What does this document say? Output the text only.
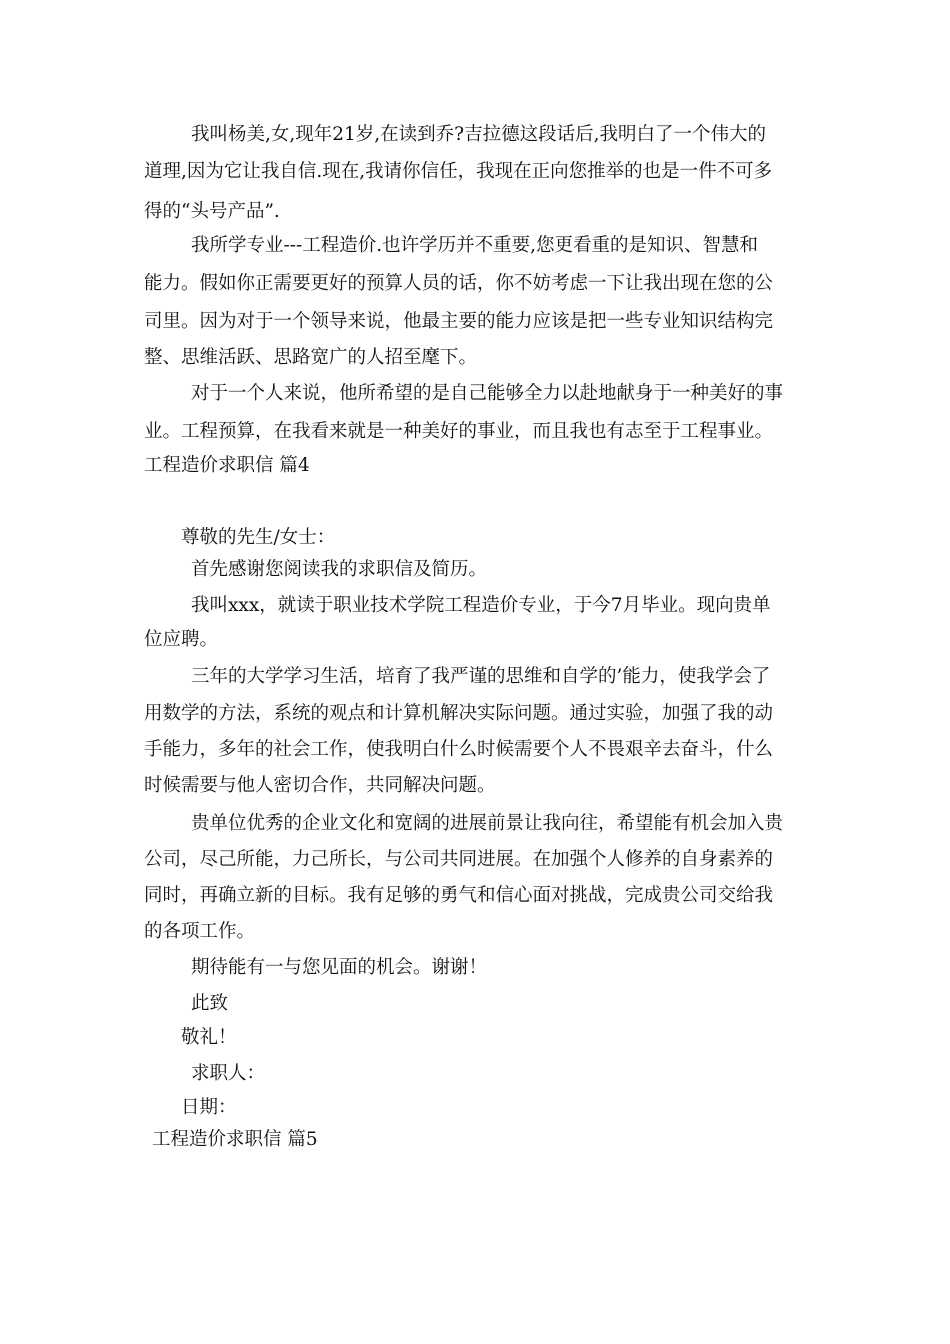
我叫杨美,女,现年21岁,在读到乔?吉拉德这段话后,我明白了一个伟大的

道理,因为它让我自信.现在,我请你信任，我现在正向您推举的也是一件不可多

得的“头号产品”.

我所学专业---工程造价.也许学历并不重要,您更看重的是知识、智慧和

能力。假如你正需要更好的预算人员的话，你不妨考虑一下让我出现在您的公

司里。因为对于一个领导来说，他最主要的能力应该是把一些专业知识结构完

整、思维活跃、思路宽广的人招至麾下。

对于一个人来说，他所希望的是自己能够全力以赴地献身于一种美好的事

业。工程预算，在我看来就是一种美好的事业，而且我也有志至于工程事业。

工程造价求职信 篇4

尊敬的先生/女士：

首先感谢您阅读我的求职信及简历。

我叫xxx，就读于职业技术学院工程造价专业，于今7月毕业。现向贵单

位应聘。

三年的大学学习生活，培育了我严谨的思维和自学的’能力，使我学会了

用数学的方法，系统的观点和计算机解决实际问题。通过实验，加强了我的动

手能力，多年的社会工作，使我明白什么时候需要个人不畏艰辛去奋斗，什么

时候需要与他人密切合作，共同解决问题。

贵单位优秀的企业文化和宽阔的进展前景让我向往，希望能有机会加入贵

公司，尽己所能，力己所长，与公司共同进展。在加强个人修养的自身素养的

同时，再确立新的目标。我有足够的勇气和信心面对挑战，完成贵公司交给我

的各项工作。

期待能有一与您见面的机会。谢谢！

此致

敬礼！

求职人：

日期：

工程造价求职信 篇5
